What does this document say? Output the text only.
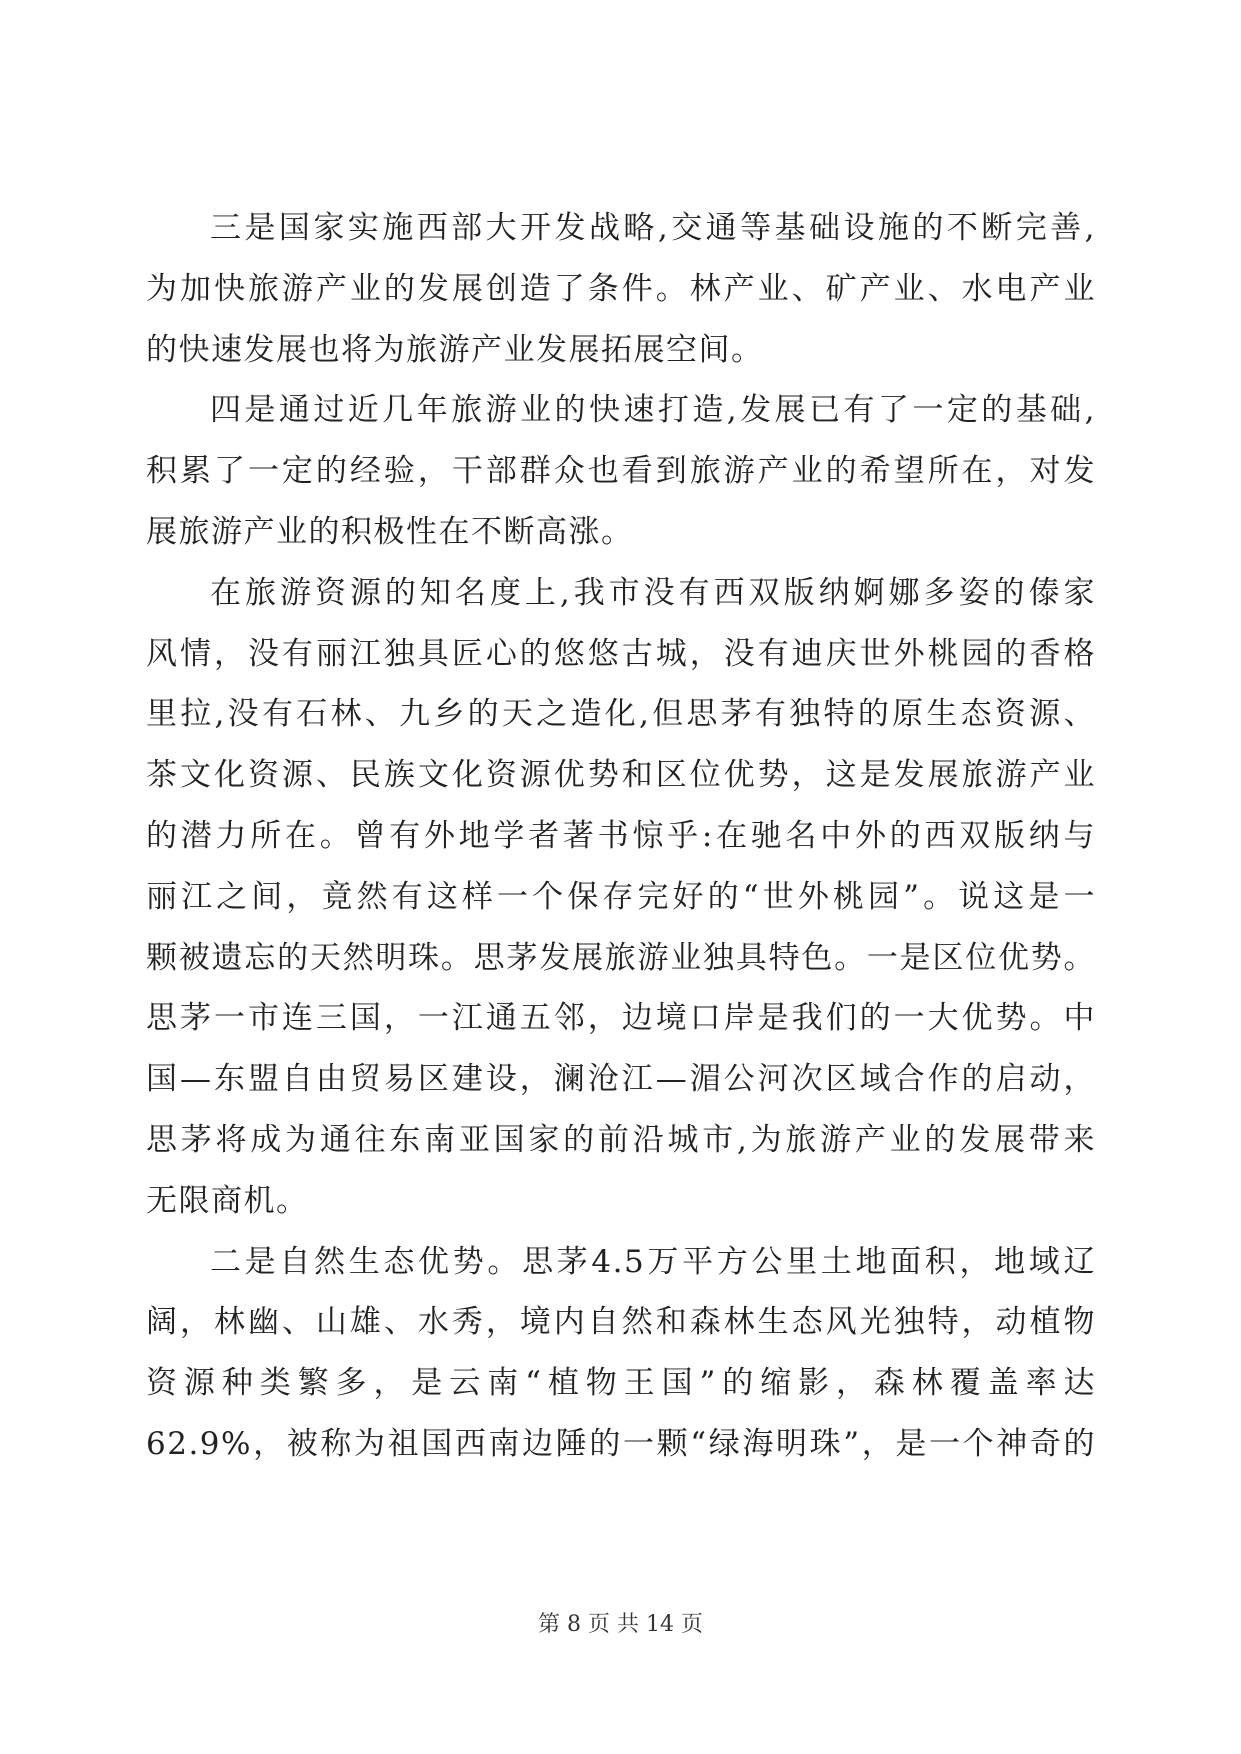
三是国家实施西部大开发战略,交通等基础设施的不断完善,
为加快旅游产业的发展创造了条件。林产业、矿产业、水电产业
的快速发展也将为旅游产业发展拓展空间。
四是通过近几年旅游业的快速打造,发展已有了一定的基础,
积累了一定的经验，干部群众也看到旅游产业的希望所在，对发
展旅游产业的积极性在不断高涨。
在旅游资源的知名度上,我市没有西双版纳婀娜多姿的傣家
风情，没有丽江独具匠心的悠悠古城，没有迪庆世外桃园的香格
里拉,没有石林、九乡的天之造化,但思茅有独特的原生态资源、
茶文化资源、民族文化资源优势和区位优势，这是发展旅游产业
的潜力所在。曾有外地学者著书惊乎:在驰名中外的西双版纳与
丽江之间，竟然有这样一个保存完好的“世外桃园”。说这是一
颗被遗忘的天然明珠。思茅发展旅游业独具特色。一是区位优势。
思茅一市连三国，一江通五邻，边境口岸是我们的一大优势。中
国—东盟自由贸易区建设，澜沧江—湄公河次区域合作的启动，
思茅将成为通往东南亚国家的前沿城市,为旅游产业的发展带来
无限商机。
二是自然生态优势。思茅4.5万平方公里土地面积，地域辽
阔，林幽、山雄、水秀，境内自然和森林生态风光独特，动植物
资源种类繁多，是云南“植物王国”的缩影，森林覆盖率达
62.9%，被称为祖国西南边陲的一颗“绿海明珠”，是一个神奇的
第 8 页 共 14 页
